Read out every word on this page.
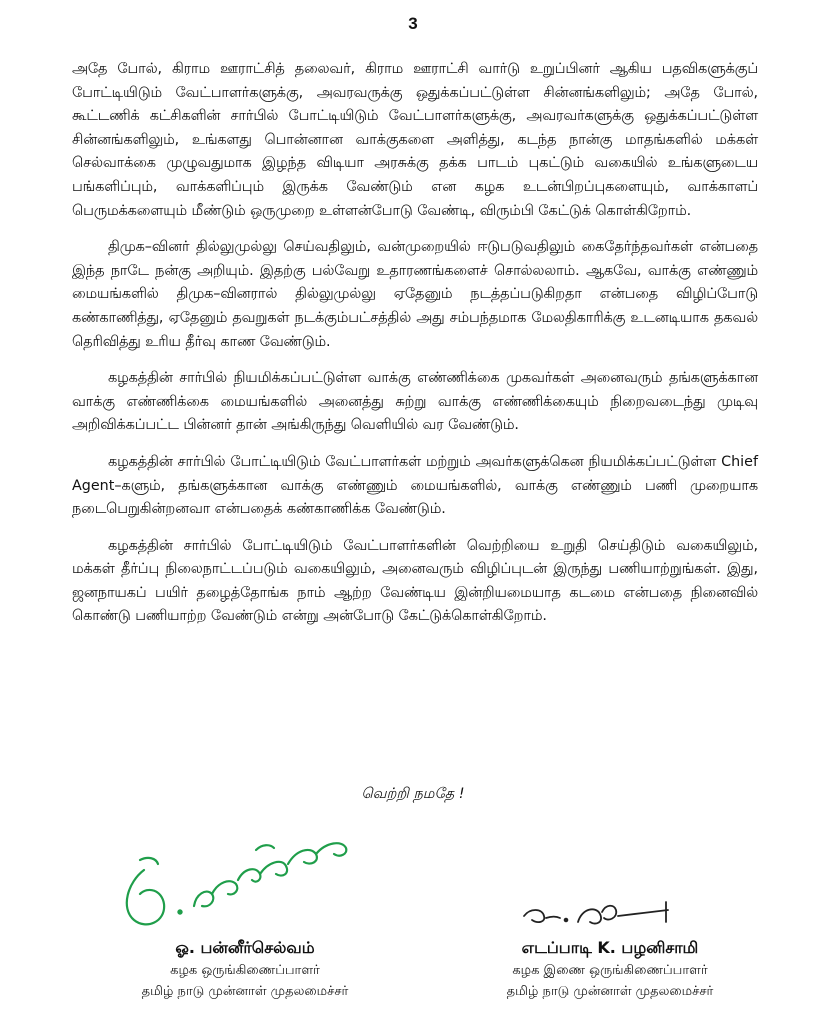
3

அதே போல், கிராம ஊராட்சித் தலைவர், கிராம ஊராட்சி வார்டு உறுப்பினர் ஆகிய பதவிகளுக்குப் போட்டியிடும் வேட்பாளர்களுக்கு, அவரவருக்கு ஒதுக்கப்பட்டுள்ள சின்னங்களிலும்; அதே போல், கூட்டணிக் கட்சிகளின் சார்பில் போட்டியிடும் வேட்பாளர்களுக்கு, அவரவர்களுக்கு ஒதுக்கப்பட்டுள்ள சின்னங்களிலும், உங்களது பொன்னான வாக்குகளை அளித்து, கடந்த நான்கு மாதங்களில் மக்கள் செல்வாக்கை முழுவதுமாக இழந்த விடியா அரசுக்கு தக்க பாடம் புகட்டும் வகையில் உங்களுடைய பங்களிப்பும், வாக்களிப்பும் இருக்க வேண்டும் என கழக உடன்பிறப்புகளையும், வாக்காளப் பெருமக்களையும் மீண்டும் ஒருமுறை உள்ளன்போடு வேண்டி, விரும்பி கேட்டுக் கொள்கிறோம்.

திமுக–வினர் தில்லுமுல்லு செய்வதிலும், வன்முறையில் ஈடுபடுவதிலும் கைதேர்ந்தவர்கள் என்பதை இந்த நாடே நன்கு அறியும். இதற்கு பல்வேறு உதாரணங்களைச் சொல்லலாம். ஆகவே, வாக்கு எண்ணும் மையங்களில் திமுக–வினரால் தில்லுமுல்லு ஏதேனும் நடத்தப்படுகிறதா என்பதை விழிப்போடு கண்காணித்து, ஏதேனும் தவறுகள் நடக்கும்பட்சத்தில் அது சம்பந்தமாக மேலதிகாரிக்கு உடனடியாக தகவல் தெரிவித்து உரிய தீர்வு காண வேண்டும்.

கழகத்தின் சார்பில் நியமிக்கப்பட்டுள்ள வாக்கு எண்ணிக்கை முகவர்கள் அனைவரும் தங்களுக்கான வாக்கு எண்ணிக்கை மையங்களில் அனைத்து சுற்று வாக்கு எண்ணிக்கையும் நிறைவடைந்து முடிவு அறிவிக்கப்பட்ட பின்னர் தான் அங்கிருந்து வெளியில் வர வேண்டும்.

கழகத்தின் சார்பில் போட்டியிடும் வேட்பாளர்கள் மற்றும் அவர்களுக்கென நியமிக்கப்பட்டுள்ள Chief Agent–களும், தங்களுக்கான வாக்கு எண்ணும் மையங்களில், வாக்கு எண்ணும் பணி முறையாக நடைபெறுகின்றனவா என்பதைக் கண்காணிக்க வேண்டும்.

கழகத்தின் சார்பில் போட்டியிடும் வேட்பாளர்களின் வெற்றியை உறுதி செய்திடும் வகையிலும், மக்கள் தீர்ப்பு நிலைநாட்டப்படும் வகையிலும், அனைவரும் விழிப்புடன் இருந்து பணியாற்றுங்கள். இது, ஜனநாயகப் பயிர் தழைத்தோங்க நாம் ஆற்ற வேண்டிய இன்றியமையாத கடமை என்பதை நினைவில் கொண்டு பணியாற்ற வேண்டும் என்று அன்போடு கேட்டுக்கொள்கிறோம்.

வெற்றி நமதே !
ஓ. பன்னீர்செல்வம்
கழக ஒருங்கிணைப்பாளர்
தமிழ் நாடு முன்னாள் முதலமைச்சர்
எடப்பாடி K. பழனிசாமி
கழக இணை ஒருங்கிணைப்பாளர்
தமிழ் நாடு முன்னாள் முதலமைச்சர்
